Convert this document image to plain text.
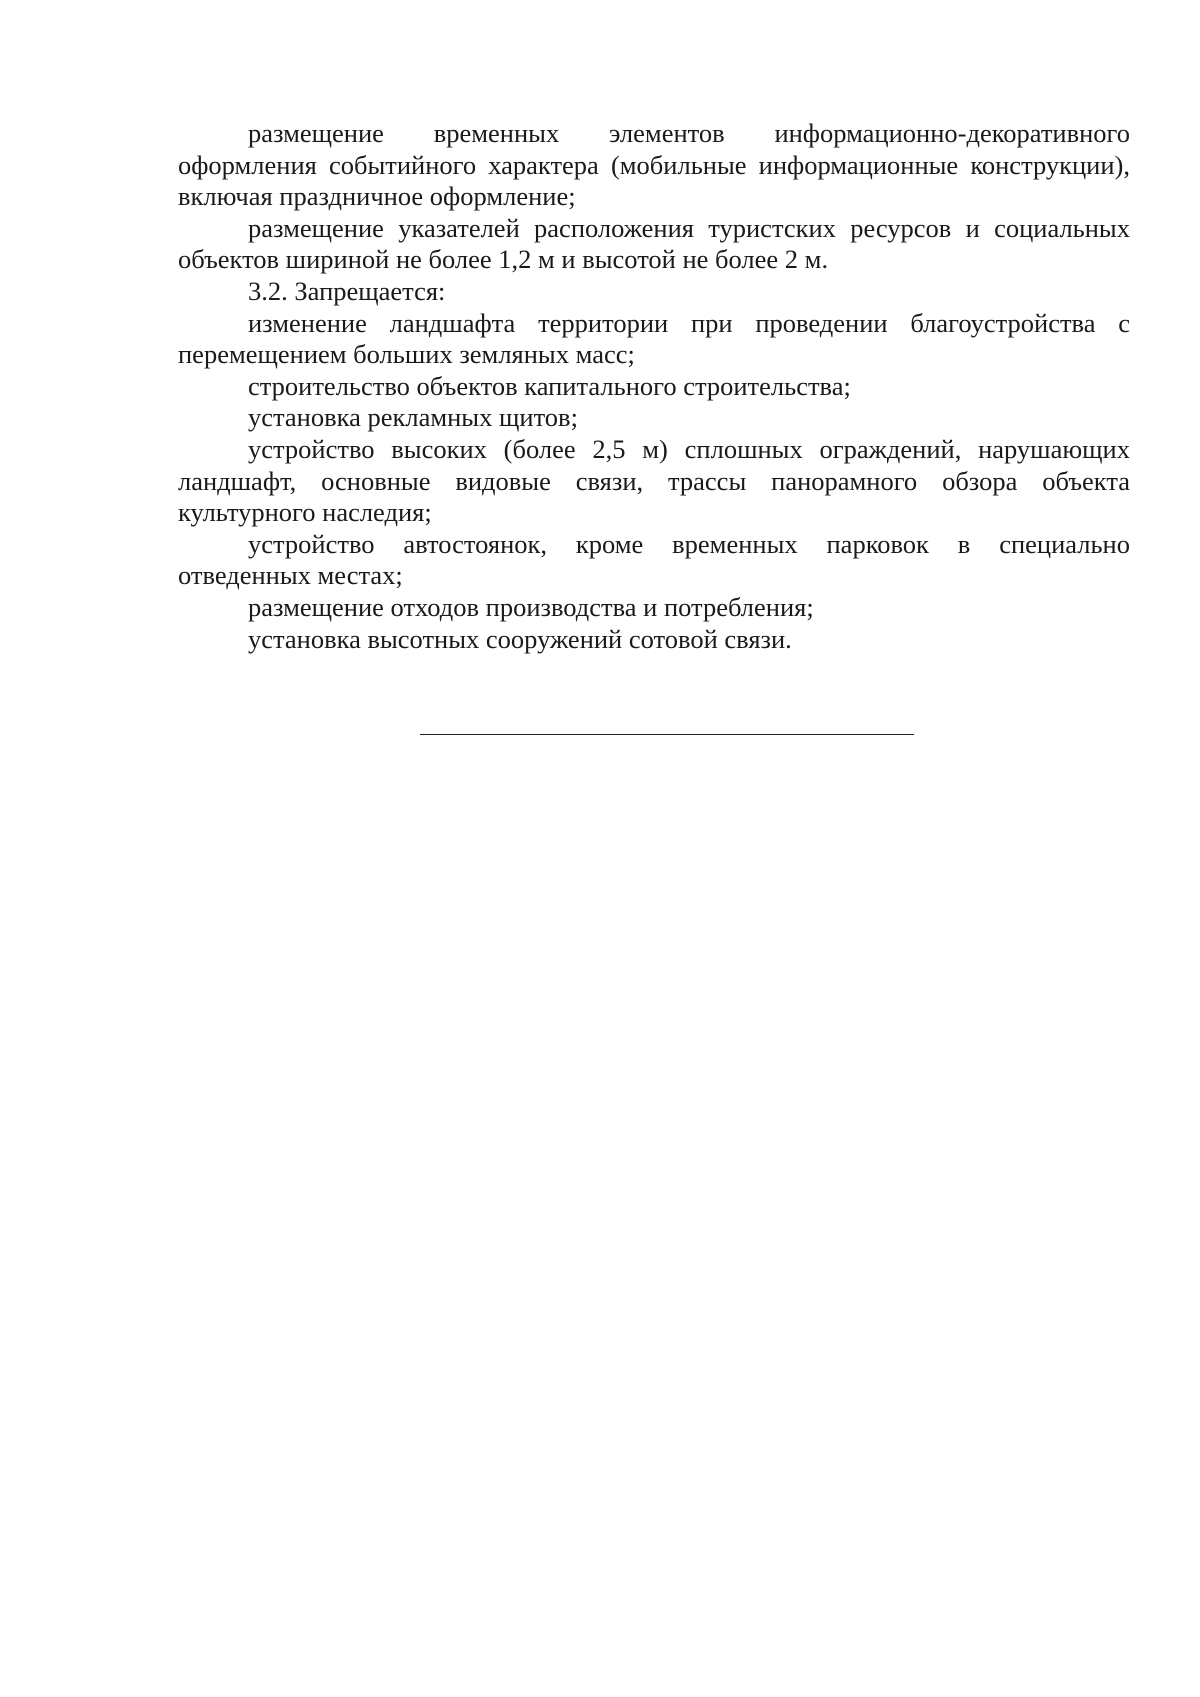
размещение временных элементов информационно-декоративного оформления событийного характера (мобильные информационные конструкции), включая праздничное оформление;

размещение указателей расположения туристских ресурсов и социальных объектов шириной не более 1,2 м и высотой не более 2 м.

3.2. Запрещается:

изменение ландшафта территории при проведении благоустройства с перемещением больших земляных масс;

строительство объектов капитального строительства;

установка рекламных щитов;

устройство высоких (более 2,5 м) сплошных ограждений, нарушающих ландшафт, основные видовые связи, трассы панорамного обзора объекта культурного наследия;

устройство автостоянок, кроме временных парковок в специально отведенных местах;

размещение отходов производства и потребления;

установка высотных сооружений сотовой связи.
